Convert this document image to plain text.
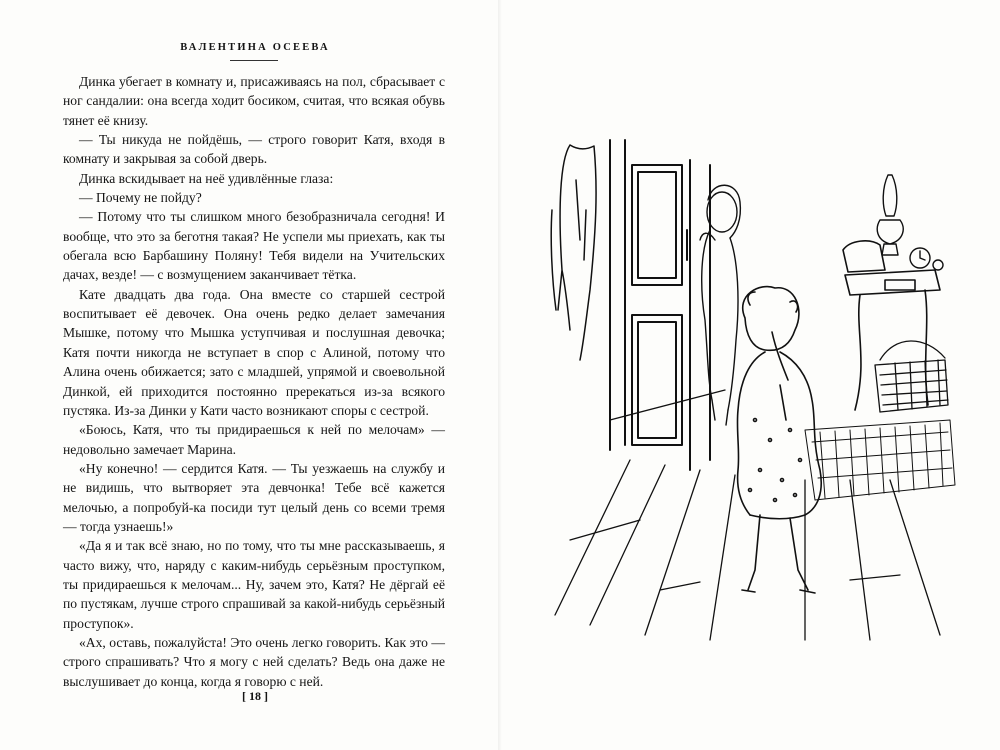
ВАЛЕНТИНА ОСЕЕВА

Динка убегает в комнату и, присаживаясь на пол, сбрасывает с ног сандалии: она всегда ходит босиком, считая, что всякая обувь тянет её книзу.

— Ты никуда не пойдёшь, — строго говорит Катя, входя в комнату и закрывая за собой дверь.

Динка вскидывает на неё удивлённые глаза:

— Почему не пойду?

— Потому что ты слишком много безобразничала сегодня! И вообще, что это за беготня такая? Не успели мы приехать, как ты обегала всю Барбашину Поляну! Тебя видели на Учительских дачах, везде! — с возмущением заканчивает тётка.

Кате двадцать два года. Она вместе со старшей сестрой воспитывает её девочек. Она очень редко делает замечания Мышке, потому что Мышка уступчивая и послушная девочка; Катя почти никогда не вступает в спор с Алиной, потому что Алина очень обижается; зато с младшей, упрямой и своевольной Динкой, ей приходится постоянно пререкаться из-за всякого пустяка. Из-за Динки у Кати часто возникают споры с сестрой.

«Боюсь, Катя, что ты придираешься к ней по мелочам» — недовольно замечает Марина.

«Ну конечно! — сердится Катя. — Ты уезжаешь на службу и не видишь, что вытворяет эта девчонка! Тебе всё кажется мелочью, а попробуй-ка посиди тут целый день со всеми тремя — тогда узнаешь!»

«Да я и так всё знаю, но по тому, что ты мне рассказываешь, я часто вижу, что, наряду с каким-нибудь серьёзным проступком, ты придираешься к мелочам... Ну, зачем это, Катя? Не дёргай её по пустякам, лучше строго спрашивай за какой-нибудь серьёзный проступок».

«Ах, оставь, пожалуйста! Это очень легко говорить. Как это — строго спрашивать? Что я могу с ней сделать? Ведь она даже не выслушивает до конца, когда я говорю с ней.

[ 18 ]
